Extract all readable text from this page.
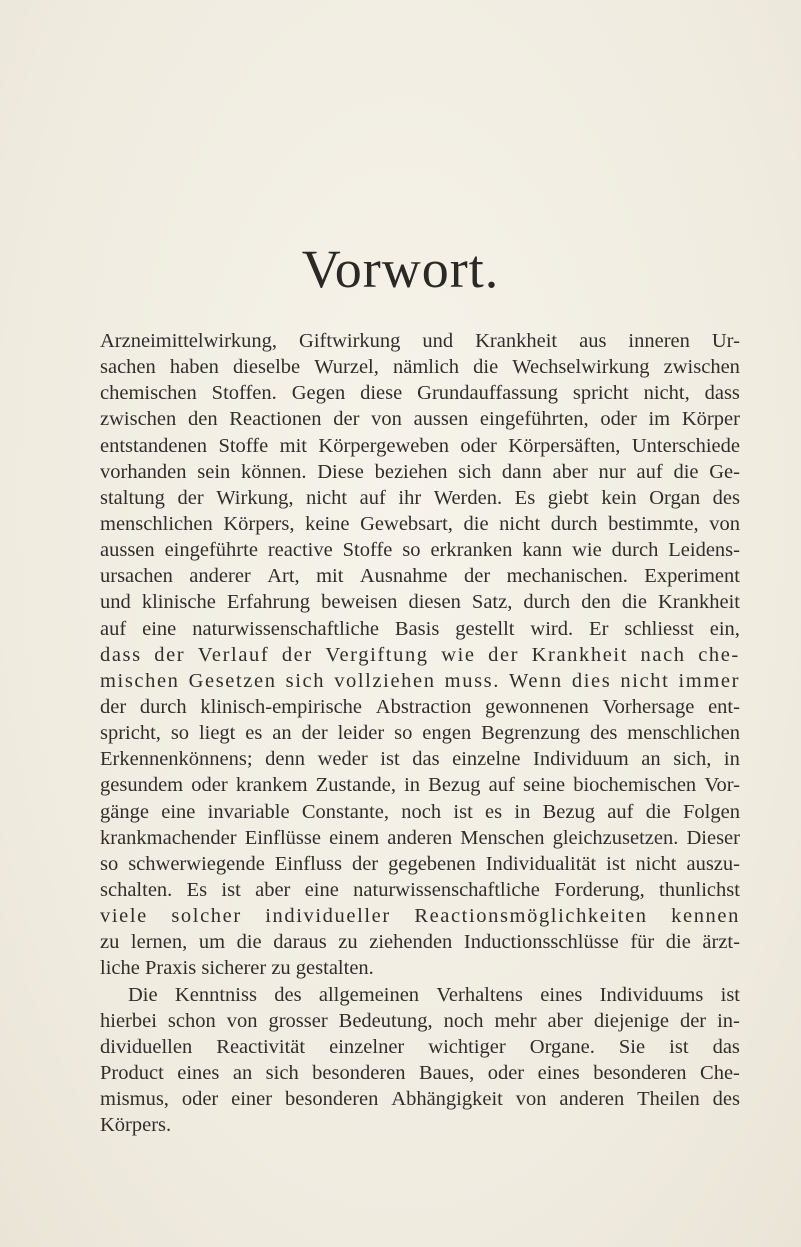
Vorwort.
Arzneimittelwirkung, Giftwirkung und Krankheit aus inneren Ur-
sachen haben dieselbe Wurzel, nämlich die Wechselwirkung zwischen
chemischen Stoffen. Gegen diese Grundauffassung spricht nicht, dass
zwischen den Reactionen der von aussen eingeführten, oder im Körper
entstandenen Stoffe mit Körpergeweben oder Körpersäften, Unterschiede
vorhanden sein können. Diese beziehen sich dann aber nur auf die Ge-
staltung der Wirkung, nicht auf ihr Werden. Es giebt kein Organ des
menschlichen Körpers, keine Gewebsart, die nicht durch bestimmte, von
aussen eingeführte reactive Stoffe so erkranken kann wie durch Leidens-
ursachen anderer Art, mit Ausnahme der mechanischen. Experiment
und klinische Erfahrung beweisen diesen Satz, durch den die Krankheit
auf eine naturwissenschaftliche Basis gestellt wird. Er schliesst ein,
dass der Verlauf der Vergiftung wie der Krankheit nach che-
mischen Gesetzen sich vollziehen muss. Wenn dies nicht immer
der durch klinisch-empirische Abstraction gewonnenen Vorhersage ent-
spricht, so liegt es an der leider so engen Begrenzung des menschlichen
Erkennenkönnens; denn weder ist das einzelne Individuum an sich, in
gesundem oder krankem Zustande, in Bezug auf seine biochemischen Vor-
gänge eine invariable Constante, noch ist es in Bezug auf die Folgen
krankmachender Einflüsse einem anderen Menschen gleichzusetzen. Dieser
so schwerwiegende Einfluss der gegebenen Individualität ist nicht auszu-
schalten. Es ist aber eine naturwissenschaftliche Forderung, thunlichst
viele solcher individueller Reactionsmöglichkeiten kennen
zu lernen, um die daraus zu ziehenden Inductionsschlüsse für die ärzt-
liche Praxis sicherer zu gestalten.
Die Kenntniss des allgemeinen Verhaltens eines Individuums ist
hierbei schon von grosser Bedeutung, noch mehr aber diejenige der in-
dividuellen Reactivität einzelner wichtiger Organe. Sie ist das
Product eines an sich besonderen Baues, oder eines besonderen Che-
mismus, oder einer besonderen Abhängigkeit von anderen Theilen des
Körpers.
